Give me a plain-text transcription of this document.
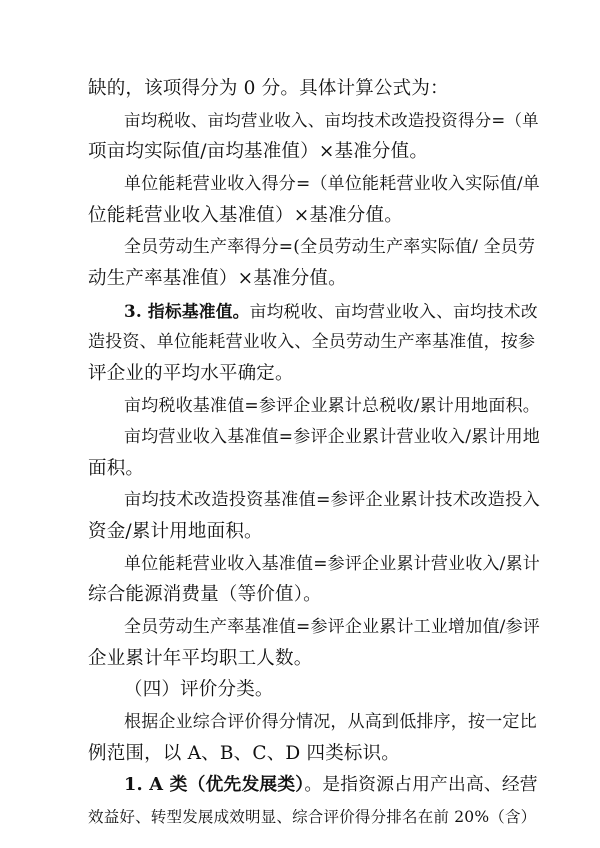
缺的，该项得分为 0 分。具体计算公式为：
亩均税收、亩均营业收入、亩均技术改造投资得分=（单
项亩均实际值/亩均基准值）×基准分值。
单位能耗营业收入得分=（单位能耗营业收入实际值/单
位能耗营业收入基准值）×基准分值。
全员劳动生产率得分=(全员劳动生产率实际值/ 全员劳
动生产率基准值）×基准分值。
3. 指标基准值。亩均税收、亩均营业收入、亩均技术改
造投资、单位能耗营业收入、全员劳动生产率基准值，按参
评企业的平均水平确定。
亩均税收基准值=参评企业累计总税收/累计用地面积。
亩均营业收入基准值=参评企业累计营业收入/累计用地
面积。
亩均技术改造投资基准值=参评企业累计技术改造投入
资金/累计用地面积。
单位能耗营业收入基准值=参评企业累计营业收入/累计
综合能源消费量（等价值）。
全员劳动生产率基准值=参评企业累计工业增加值/参评
企业累计年平均职工人数。
（四）评价分类。
根据企业综合评价得分情况，从高到低排序，按一定比
例范围，以 A、B、C、D 四类标识。
1. A 类（优先发展类）。是指资源占用产出高、经营
效益好、转型发展成效明显、综合评价得分排名在前 20%（含）
